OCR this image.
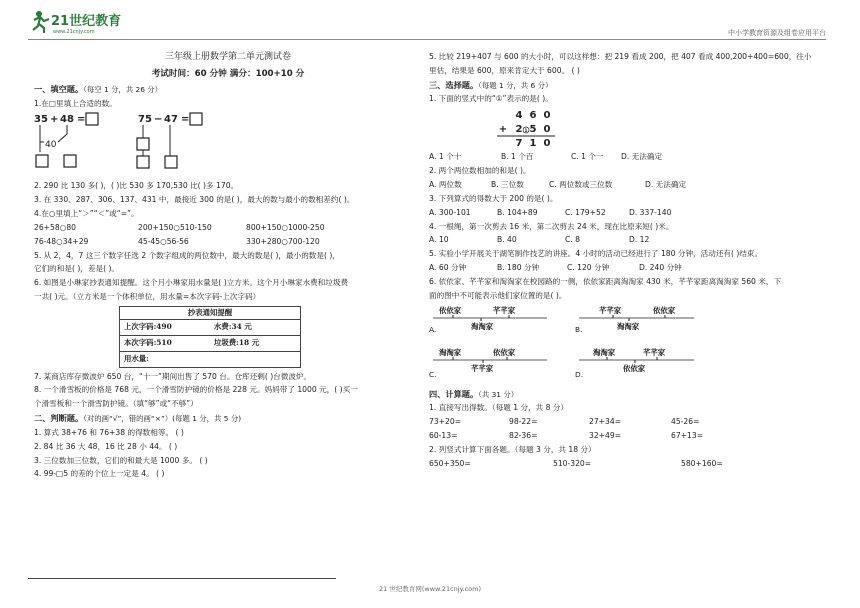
21世纪教育
www.21cnjy.com	中小学教育资源及组卷应用平台
三年级上册数学第二单元测试卷
考试时间：60 分钟 满分：100+10 分
一、填空题。（每空 1 分，共 26 分）

1.在□里填上合适的数。

35 + 48 =
40
75 − 47 =

2. 290 比 130 多( )，( )比 530 多 170,530 比( )多 170。

3. 在 330、287、306、137、431 中，最接近 300 的是( )，最大的数与最小的数相差约( )。

4.在○里填上“＞”“＜”或“=”。

26+58○80	200+150○510-150	800+150○1000-250
76-48○34+29	45-45○56-56	330+280○700-120

5. 从 2，4，7 这三个数字任选 2 个数字组成的两位数中，最大的数是( )，最小的数是( )，

它们的和是( )，差是( )。

6. 如图是小琳家抄表通知提醒。这个月小琳家用水量是( )立方米。这个月小琳家水费和垃圾费

一共( )元。（立方米是一个体积单位，用水量=本次字码-上次字码）

抄表通知提醒
上次字码:490	水费:34 元
本次字码:510	垃圾费:18 元
用水量:

7. 某商店库存微波炉 650 台，“十一”期间出售了 570 台。仓库还剩( )台微波炉。

8. 一个滑雪板的价格是 768 元，一个滑雪防护镜的价格是 228 元。妈妈带了 1000 元，( )买一

个滑雪板和一个滑雪防护镜。（填“够”或“不够”）

二、判断题。（对的画“√”，错的画“×”）(每题 1 分，共 5 分)

1. 算式 38+76 和 76+38 的得数相等。 ( )

2. 84 比 36 大 48，16 比 28 小 44。 ( )

3. 三位数加三位数，它们的和最大是 1000 多。 ( )

4. 99-□5 的差的个位上一定是 4。 ( )

5. 比较 219+407 与 600 的大小时，可以这样想：把 219 看成 200，把 407 看成 400,200+400=600，往小

里估，结果是 600，原来肯定大于 600。 ( )

三、选择题。（每题 1 分，共 6 分）

1. 下面的竖式中的“①”表示的是( )。

4 6 0
+ 2 1 5 0
7 1 0
A. 1 个十	B. 1 个百	C. 1 个一	D. 无法确定

2. 两个两位数相加的和是( )。

A. 两位数	B. 三位数	C. 两位数或三位数	D. 无法确定

3. 下列算式的得数大于 200 的是( )。

A. 300-101	B. 104+89	C. 179+52	D. 337-140

4. 一根绳，第一次剪去 16 米，第二次剪去 24 米，现在比原来短( )米。

A. 10	B. 40	C. 8	D. 12

5. 实验小学开展关于湖笔制作技艺的讲座。4 小时的活动已经进行了 180 分钟，活动还有( )结束。

A. 60 分钟	B. 180 分钟	C. 120 分钟	D. 240 分钟

6. 依依家、芊芊家和淘淘家在校园路的一侧，依依家距离淘淘家 430 米，芊芊家距离淘淘家 560 米，下

面的图中不可能表示他们家位置的是( )。

依依家	芊芊家
淘淘家
A.
芊芊家	依依家
淘淘家
B.
淘淘家	依依家
芊芊家
C.
淘淘家	芊芊家
依依家
D.
四、计算题。（共 31 分）

1. 直接写出得数。（每题 1 分，共 8 分）

73+20=	98-22=	27+34=	45-26=
60-13=	82-36=	32+49=	67+13=

2. 列竖式计算下面各题。（每题 3 分，共 18 分）

650+350=	510-320=	580+160=
21 世纪教育网(www.21cnjy.com)
